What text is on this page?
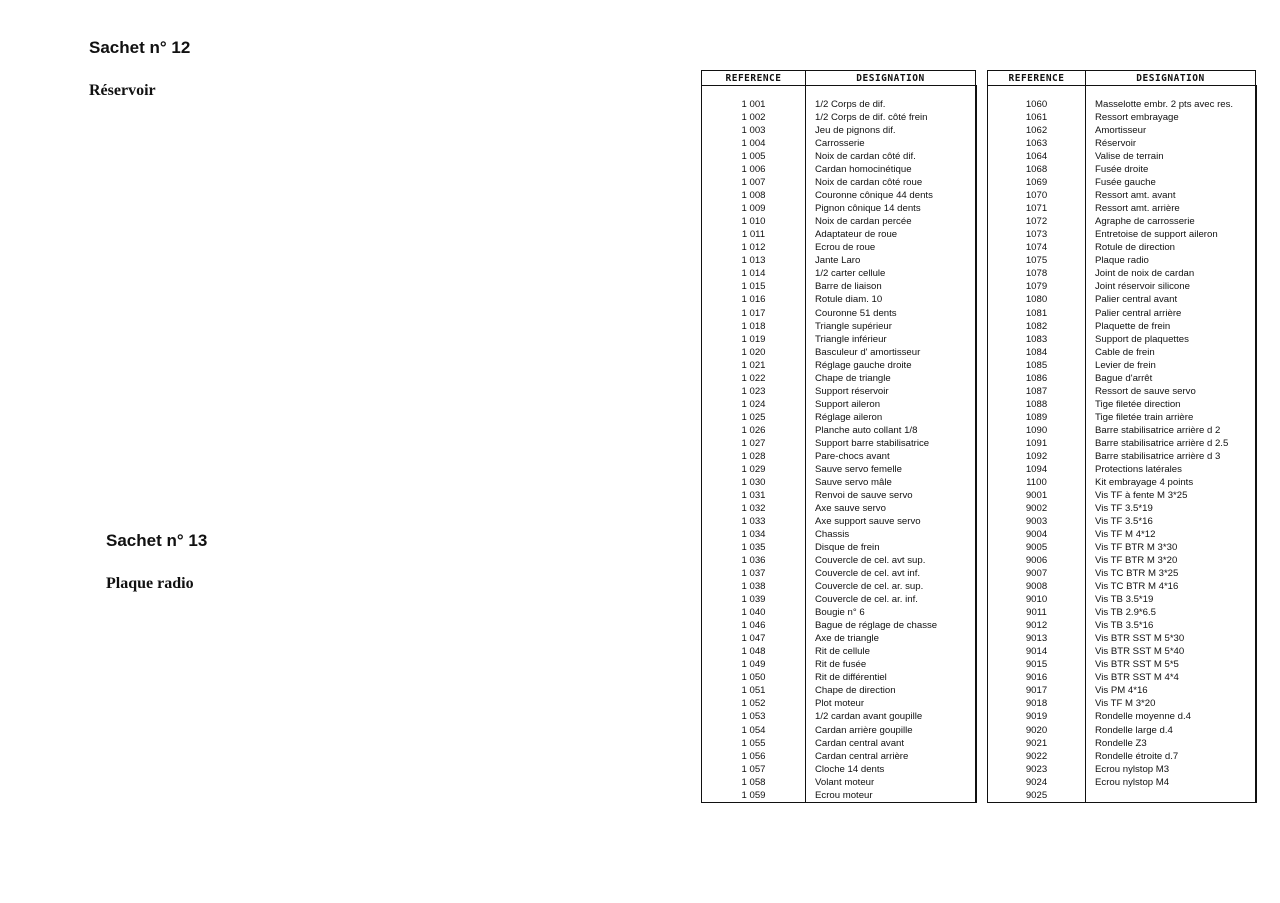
Sachet n° 12
Réservoir
Sachet n° 13
Plaque radio
REFERENCE	DESIGNATION

1 001	1/2 Corps de dif.
1 002	1/2 Corps de dif. côté frein
1 003	Jeu de pignons dif.
1 004	Carrosserie
1 005	Noix de cardan côté dif.
1 006	Cardan homocinétique
1 007	Noix de cardan côté roue
1 008	Couronne cônique 44 dents
1 009	Pignon cônique 14 dents
1 010	Noix de cardan percée
1 011	Adaptateur de roue
1 012	Ecrou de roue
1 013	Jante Laro
1 014	1/2 carter cellule
1 015	Barre de liaison
1 016	Rotule diam. 10
1 017	Couronne 51 dents
1 018	Triangle supérieur
1 019	Triangle inférieur
1 020	Basculeur d' amortisseur
1 021	Réglage gauche droite
1 022	Chape de triangle
1 023	Support réservoir
1 024	Support aileron
1 025	Réglage aileron
1 026	Planche auto collant 1/8
1 027	Support barre stabilisatrice
1 028	Pare-chocs avant
1 029	Sauve servo femelle
1 030	Sauve servo mâle
1 031	Renvoi de sauve servo
1 032	Axe sauve servo
1 033	Axe support sauve servo
1 034	Chassis
1 035	Disque de frein
1 036	Couvercle de cel. avt sup.
1 037	Couvercle de cel. avt inf.
1 038	Couvercle de cel. ar. sup.
1 039	Couvercle de cel. ar. inf.
1 040	Bougie n° 6
1 046	Bague de réglage de chasse
1 047	Axe de triangle
1 048	Rit de cellule
1 049	Rit de fusée
1 050	Rit de différentiel
1 051	Chape de direction
1 052	Plot moteur
1 053	1/2 cardan avant goupille
1 054	Cardan arrière goupille
1 055	Cardan central avant
1 056	Cardan central arrière
1 057	Cloche 14 dents
1 058	Volant moteur
1 059	Ecrou moteur
REFERENCE	DESIGNATION

1060	Masselotte embr. 2 pts avec res.
1061	Ressort embrayage
1062	Amortisseur
1063	Réservoir
1064	Valise de terrain
1068	Fusée droite
1069	Fusée gauche
1070	Ressort amt. avant
1071	Ressort amt. arrière
1072	Agraphe de carrosserie
1073	Entretoise de support aileron
1074	Rotule de direction
1075	Plaque radio
1078	Joint de noix de cardan
1079	Joint réservoir silicone
1080	Palier central avant
1081	Palier central arrière
1082	Plaquette de frein
1083	Support de plaquettes
1084	Cable de frein
1085	Levier de frein
1086	Bague d'arrêt
1087	Ressort de sauve servo
1088	Tige filetée direction
1089	Tige filetée train arrière
1090	Barre stabilisatrice arrière d 2
1091	Barre stabilisatrice arrière d 2.5
1092	Barre stabilisatrice arrière d 3
1094	Protections latérales
1100	Kit embrayage 4 points
9001	Vis TF à fente M 3*25
9002	Vis TF 3.5*19
9003	Vis TF 3.5*16
9004	Vis TF M 4*12
9005	Vis TF BTR M 3*30
9006	Vis TF BTR M 3*20
9007	Vis TC BTR M 3*25
9008	Vis TC BTR M 4*16
9010	Vis TB 3.5*19
9011	Vis TB 2.9*6.5
9012	Vis TB 3.5*16
9013	Vis BTR SST M 5*30
9014	Vis BTR SST M 5*40
9015	Vis BTR SST M 5*5
9016	Vis BTR SST M 4*4
9017	Vis PM 4*16
9018	Vis TF M 3*20
9019	Rondelle moyenne d.4
9020	Rondelle large d.4
9021	Rondelle Z3
9022	Rondelle étroite d.7
9023	Ecrou nylstop M3
9024	Ecrou nylstop M4
9025	
